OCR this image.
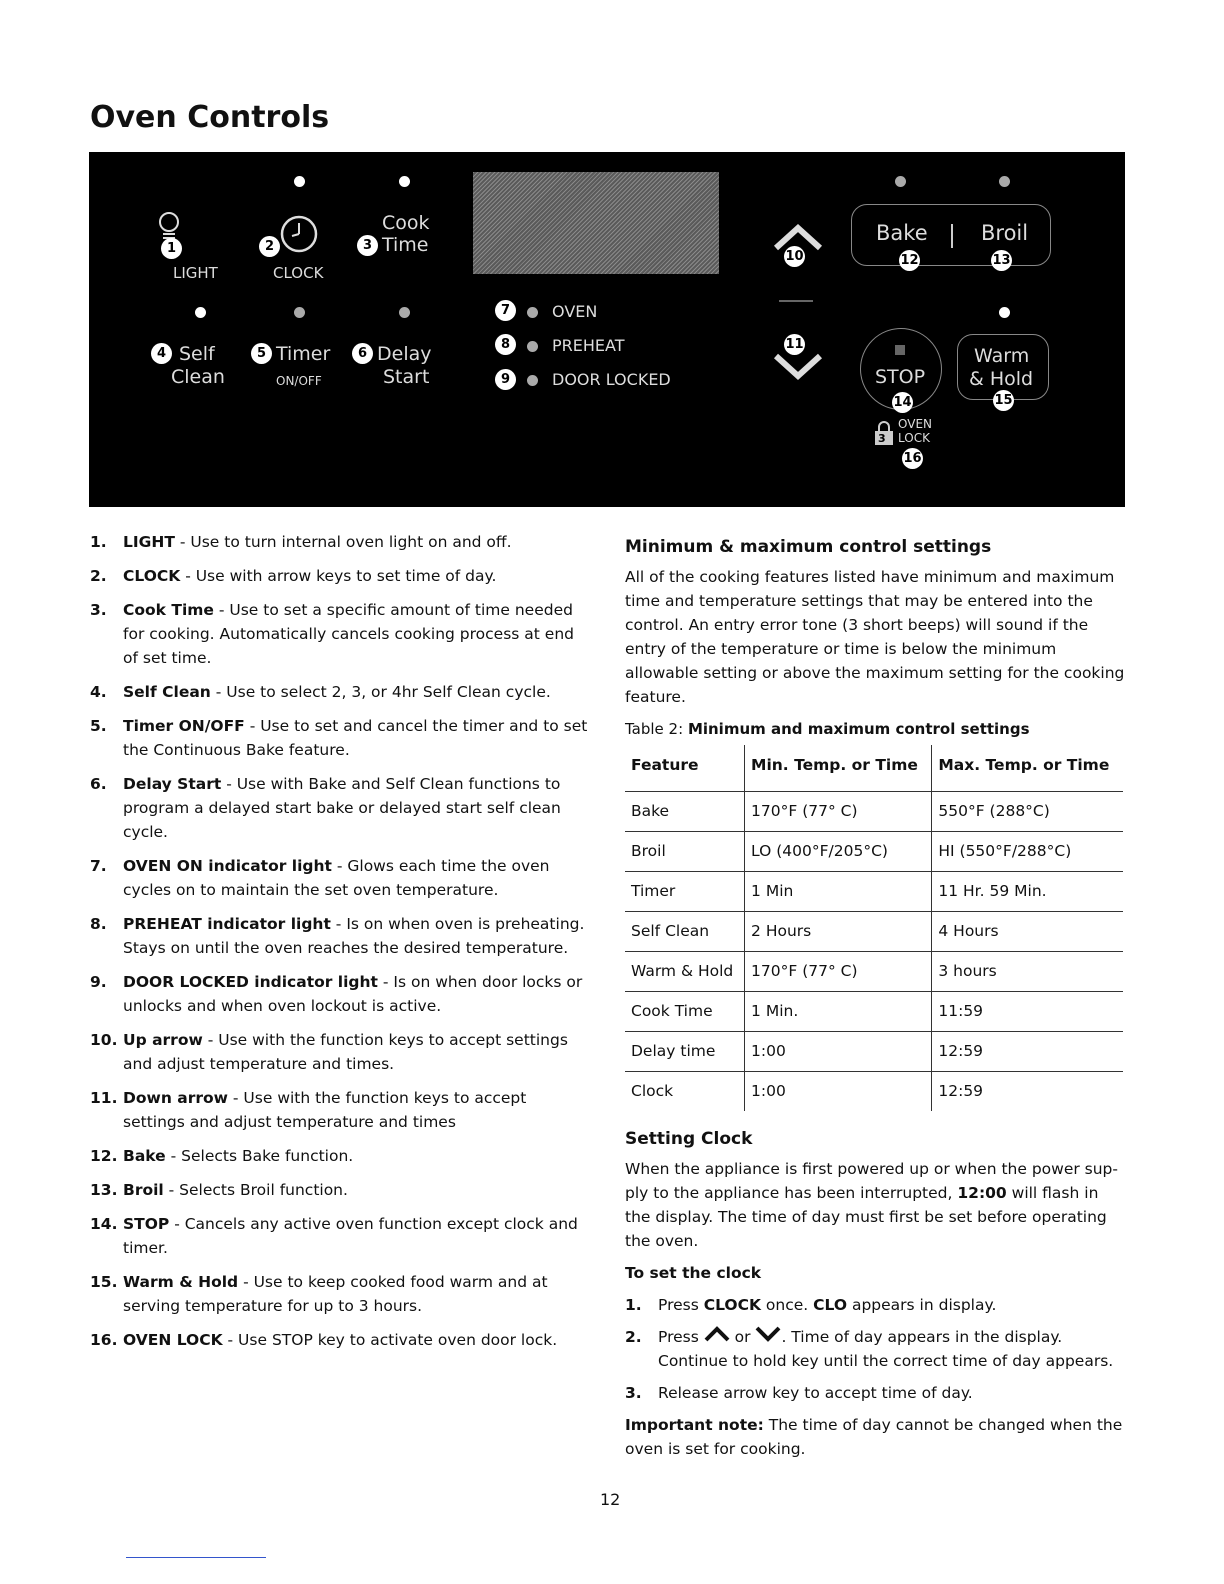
Oven Controls
1
LIGHT
2
CLOCK
Cook
3 Time
4 Self
Clean
5 Timer
ON/OFF
6 Delay
Start
7	OVEN
8	PREHEAT
9	DOOR LOCKED
10
11
Bake	Broil
12	13
STOP
14
Warm
& Hold
15
3
OVEN
LOCK
16
1.	LIGHT - Use to turn internal oven light on and off.
2.	CLOCK - Use with arrow keys to set time of day.
3.	Cook Time - Use to set a specific amount of time needed for cooking. Automatically cancels cooking process at end of set time.
4.	Self Clean - Use to select 2, 3, or 4hr Self Clean cycle.
5.	Timer ON/OFF - Use to set and cancel the timer and to set the Continuous Bake feature.
6.	Delay Start - Use with Bake and Self Clean functions to program a delayed start bake or delayed start self clean cycle.
7.	OVEN ON indicator light - Glows each time the oven cycles on to maintain the set oven temperature.
8.	PREHEAT indicator light - Is on when oven is preheating. Stays on until the oven reaches the desired temperature.
9.	DOOR LOCKED indicator light - Is on when door locks or unlocks and when oven lockout is active.
10. Up arrow - Use with the function keys to accept settings and adjust temperature and times.
11. Down arrow - Use with the function keys to accept settings and adjust temperature and times
12. Bake - Selects Bake function.
13. Broil - Selects Broil function.
14. STOP - Cancels any active oven function except clock and timer.
15. Warm & Hold - Use to keep cooked food warm and at serving temperature for up to 3 hours.
16. OVEN LOCK - Use STOP key to activate oven door lock.
Minimum & maximum control settings

All of the cooking features listed have minimum and maximum time and temperature settings that may be entered into the control. An entry error tone (3 short beeps) will sound if the entry of the temperature or time is below the minimum allowable setting or above the maximum setting for the cooking feature.

Table 2: Minimum and maximum control settings
Feature	Min. Temp. or Time	Max. Temp. or Time
Bake	170°F (77° C)	550°F (288°C)
Broil	LO (400°F/205°C)	HI (550°F/288°C)
Timer	1 Min	11 Hr. 59 Min.
Self Clean	2 Hours	4 Hours
Warm & Hold	170°F (77° C)	3 hours
Cook Time	1 Min.	11:59
Delay time	1:00	12:59
Clock	1:00	12:59
Setting Clock

When the appliance is first powered up or when the power sup- ply to the appliance has been interrupted, 12:00 will flash in the display. The time of day must first be set before operating the oven.

To set the clock
1.	Press CLOCK once. CLO appears in display.
2.	Press  or . Time of day appears in the display. Continue to hold key until the correct time of day appears.
3.	Release arrow key to accept time of day.

Important note: The time of day cannot be changed when the oven is set for cooking.

12
